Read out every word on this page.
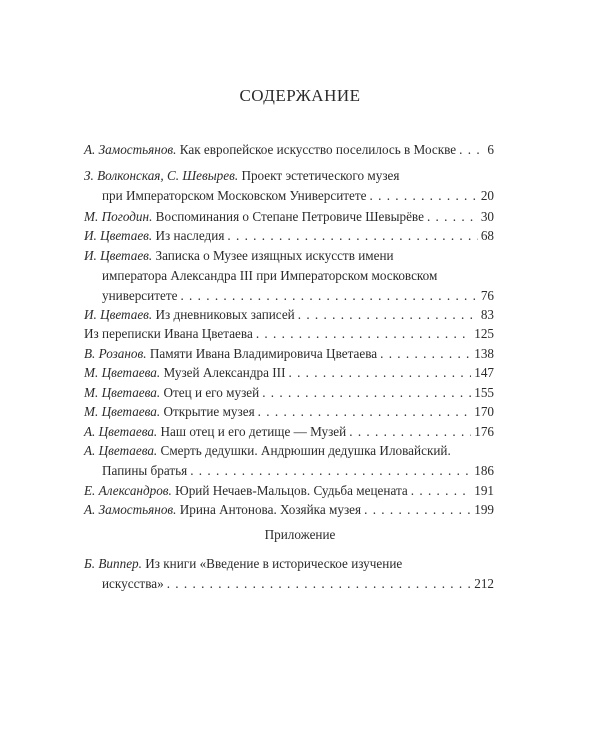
СОДЕРЖАНИЕ
А. Замостьянов. Как европейское искусство поселилось в Москве . . . 6
З. Волконская, С. Шевырев. Проект эстетического музея
при Императорском Московском Университете . . .	20
М. Погодин. Воспоминания о Степане Петровиче Шевырёве . . .	30
И. Цветаев. Из наследия . . .	68
И. Цветаев. Записка о Музее изящных искусств имени
императора Александра III при Императорском московском
университете . . .	76
И. Цветаев. Из дневниковых записей . . .	83
Из переписки Ивана Цветаева . . .	125
В. Розанов. Памяти Ивана Владимировича Цветаева . . .	138
М. Цветаева. Музей Александра III . . .	147
М. Цветаева. Отец и его музей . . .	155
М. Цветаева. Открытие музея . . .	170
А. Цветаева. Наш отец и его детище — Музей . . .	176
А. Цветаева. Смерть дедушки. Андрюшин дедушка Иловайский.
Папины братья . . .	186
Е. Александров. Юрий Нечаев-Мальцов. Судьба мецената . . .	191
А. Замостьянов. Ирина Антонова. Хозяйка музея . . .	199
Приложение
Б. Виппер. Из книги «Введение в историческое изучение
искусства» . . .	212
